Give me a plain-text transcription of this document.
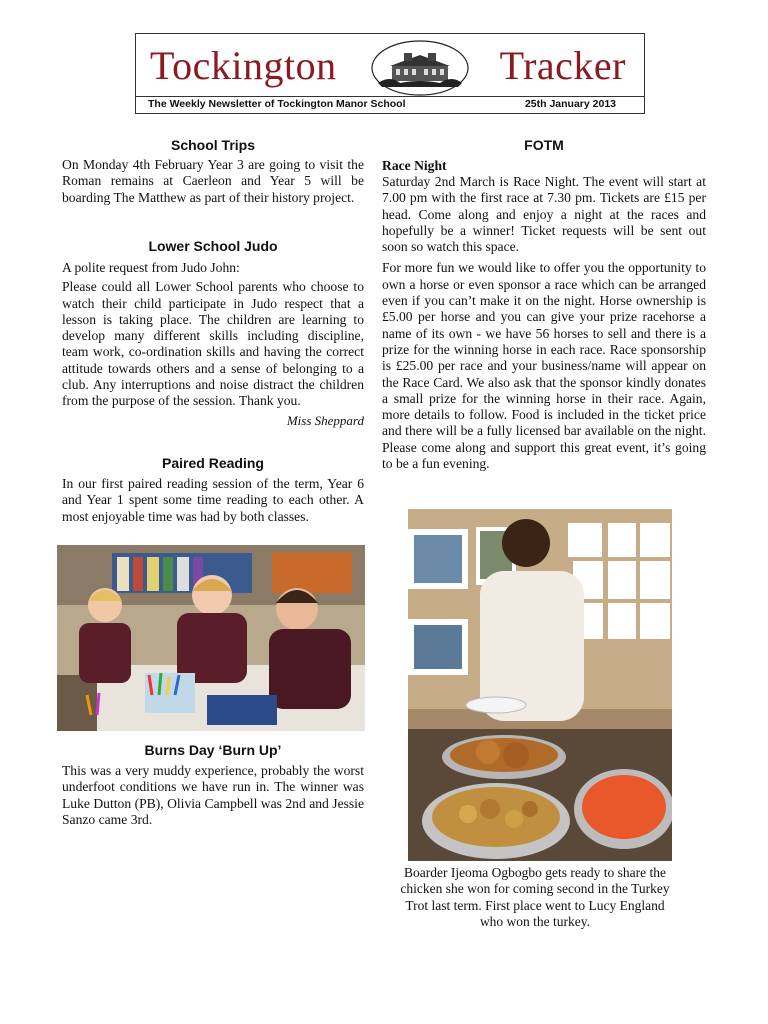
Tockington	Tracker
The Weekly Newsletter of Tockington Manor School	25th January 2013
School Trips

On Monday 4th February Year 3 are going to visit the Roman remains at Caerleon and Year 5 will be boarding The Matthew as part of their history project.

Lower School Judo

A polite request from Judo John:

Please could all Lower School parents who choose to watch their child participate in Judo respect that a lesson is taking place. The children are learning to develop many different skills including discipline, team work, co-ordination skills and having the correct attitude towards others and a sense of belonging to a club. Any interruptions and noise distract the children from the purpose of the session. Thank you.

Miss Sheppard
Paired Reading

In our first paired reading session of the term, Year 6 and Year 1 spent some time reading to each other. A most enjoyable time was had by both classes.

Burns Day ‘Burn Up’

This was a very muddy experience, probably the worst underfoot conditions we have run in. The winner was Luke Dutton (PB), Olivia Campbell was 2nd and Jessie Sanzo came 3rd.

FOTM
Race Night

Saturday 2nd March is Race Night. The event will start at 7.00 pm with the first race at 7.30 pm. Tickets are £15 per head. Come along and enjoy a night at the races and hopefully be a winner! Ticket requests will be sent out soon so watch this space.

For more fun we would like to offer you the opportunity to own a horse or even sponsor a race which can be arranged even if you can’t make it on the night. Horse ownership is £5.00 per horse and you can give your prize racehorse a name of its own - we have 56 horses to sell and there is a prize for the winning horse in each race. Race sponsorship is £25.00 per race and your business/name will appear on the Race Card. We also ask that the sponsor kindly donates a small prize for the winning horse in their race. Again, more details to follow. Food is included in the ticket price and there will be a fully licensed bar available on the night. Please come along and support this great event, it’s going to be a fun evening.

Boarder Ijeoma Ogbogbo gets ready to share the chicken she won for coming second in the Turkey Trot last term. First place went to Lucy England who won the turkey.
